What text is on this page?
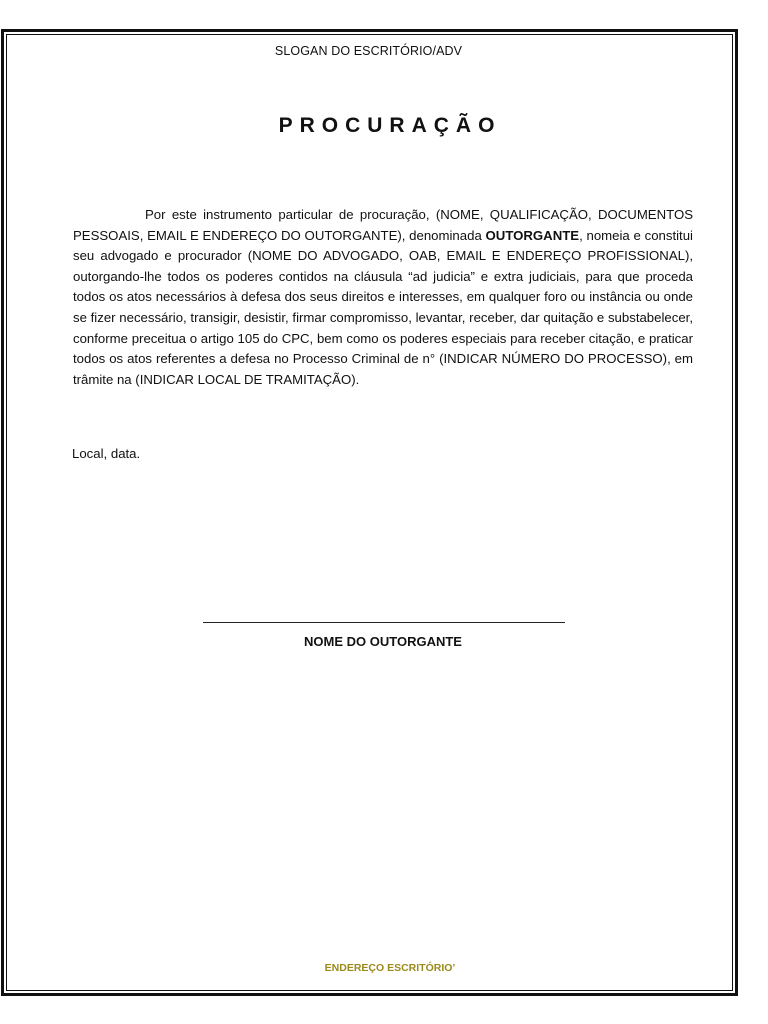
SLOGAN DO ESCRITÓRIO/ADV
PROCURAÇÃO

Por este instrumento particular de procuração, (NOME, QUALIFICAÇÃO, DOCUMENTOS PESSOAIS, EMAIL E ENDEREÇO DO OUTORGANTE), denominada OUTORGANTE, nomeia e constitui seu advogado e procurador (NOME DO ADVOGADO, OAB, EMAIL E ENDEREÇO PROFISSIONAL), outorgando-lhe todos os poderes contidos na cláusula “ad judicia” e extra judiciais, para que proceda todos os atos necessários à defesa dos seus direitos e interesses, em qualquer foro ou instância ou onde se fizer necessário, transigir, desistir, firmar compromisso, levantar, receber, dar quitação e substabelecer, conforme preceitua o artigo 105 do CPC, bem como os poderes especiais para receber citação, e praticar todos os atos referentes a defesa no Processo Criminal de n° (INDICAR NÚMERO DO PROCESSO), em trâmite na (INDICAR LOCAL DE TRAMITAÇÃO).

Local, data.
NOME DO OUTORGANTE
ENDEREÇO ESCRITÓRIO’
